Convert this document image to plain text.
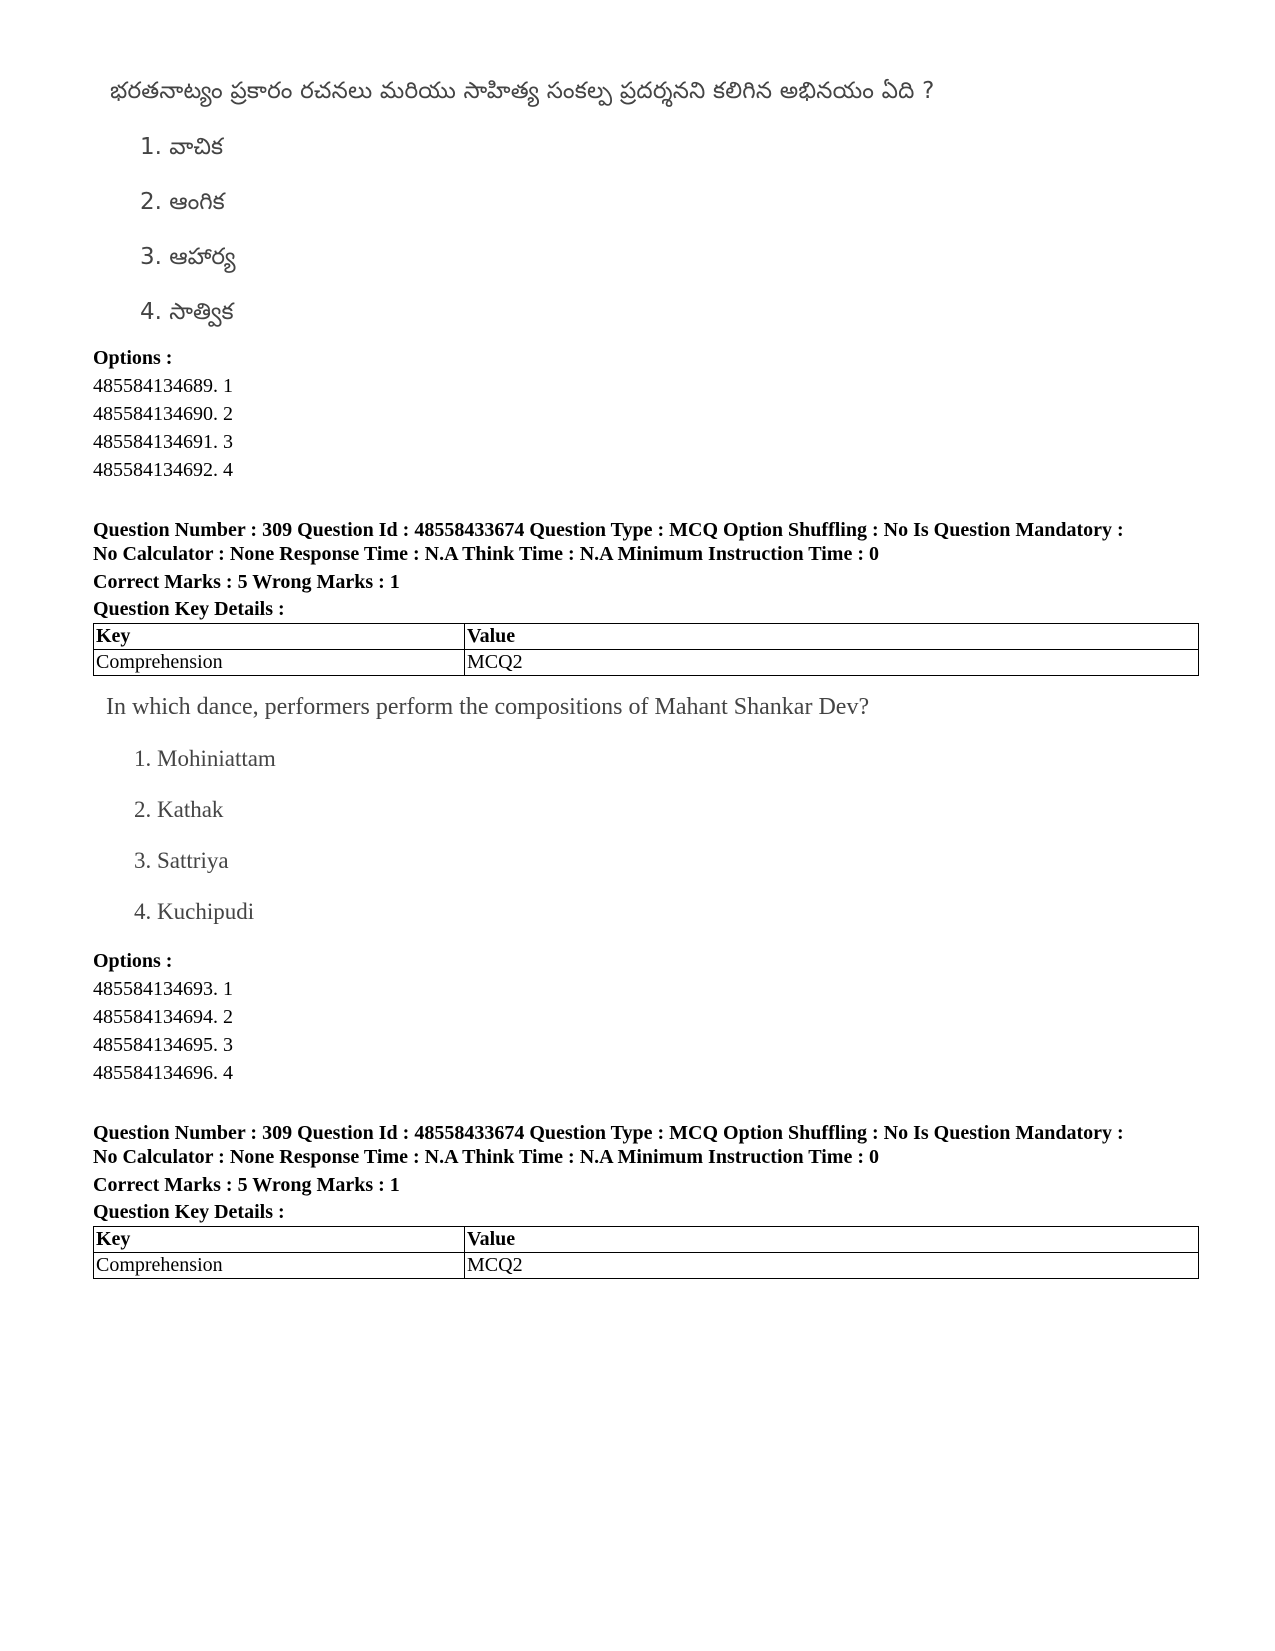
భరతనాట్యం ప్రకారం రచనలు మరియు సాహిత్య సంకల్ప ప్రదర్శనని కలిగిన అభినయం ఏది ?
1. వాచిక
2. ఆంగిక
3. ఆహార్య
4. సాత్విక
Options :
485584134689. 1
485584134690. 2
485584134691. 3
485584134692. 4
Question Number : 309 Question Id : 48558433674 Question Type : MCQ Option Shuffling : No Is Question Mandatory :
No Calculator : None Response Time : N.A Think Time : N.A Minimum Instruction Time : 0
Correct Marks : 5 Wrong Marks : 1
Question Key Details :
Key	Value
Comprehension	MCQ2
In which dance, performers perform the compositions of Mahant Shankar Dev?
1. Mohiniattam
2. Kathak
3. Sattriya
4. Kuchipudi
Options :
485584134693. 1
485584134694. 2
485584134695. 3
485584134696. 4
Question Number : 309 Question Id : 48558433674 Question Type : MCQ Option Shuffling : No Is Question Mandatory :
No Calculator : None Response Time : N.A Think Time : N.A Minimum Instruction Time : 0
Correct Marks : 5 Wrong Marks : 1
Question Key Details :
Key	Value
Comprehension	MCQ2
